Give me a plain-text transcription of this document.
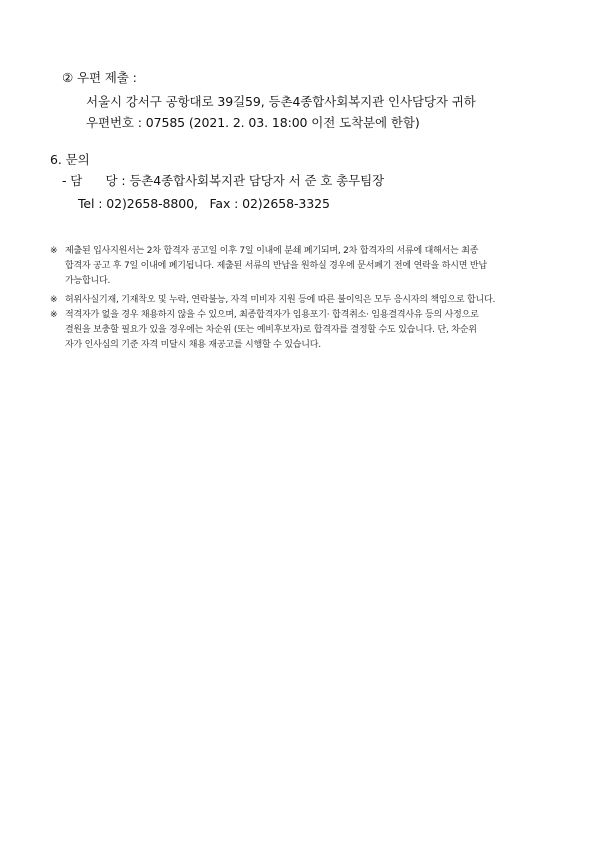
② 우편 제출 :
서울시 강서구 공항대로 39길59, 등촌4종합사회복지관 인사담당자 귀하
우편번호 : 07585 (2021. 2. 03. 18:00 이전 도착분에 한함)
6. 문의
- 담      당 : 등촌4종합사회복지관 담당자 서 준 호 총무팀장
Tel : 02)2658-8800,   Fax : 02)2658-3325
※ 제출된 입사지원서는 2차 합격자 공고일 이후 7일 이내에 분쇄 폐기되며, 2차 합격자의 서류에 대해서는 최종
합격자 공고 후 7일 이내에 폐기됩니다. 제출된 서류의 반납을 원하실 경우에 문서폐기 전에 연락을 하시면 반납
가능합니다.
※ 허위사실기재, 기재착오 및 누락, 연락불능, 자격 미비자 지원 등에 따른 불이익은 모두 응시자의 책임으로 합니다.
※ 적격자가 없을 경우 채용하지 않을 수 있으며, 최종합격자가 임용포기· 합격취소· 임용결격사유 등의 사정으로
결원을 보충할 필요가 있을 경우에는 차순위 (또는 예비후보자)로 합격자를 결정할 수도 있습니다. 단, 차순위
자가 인사심의 기준 자격 미달시 채용 재공고를 시행할 수 있습니다.
